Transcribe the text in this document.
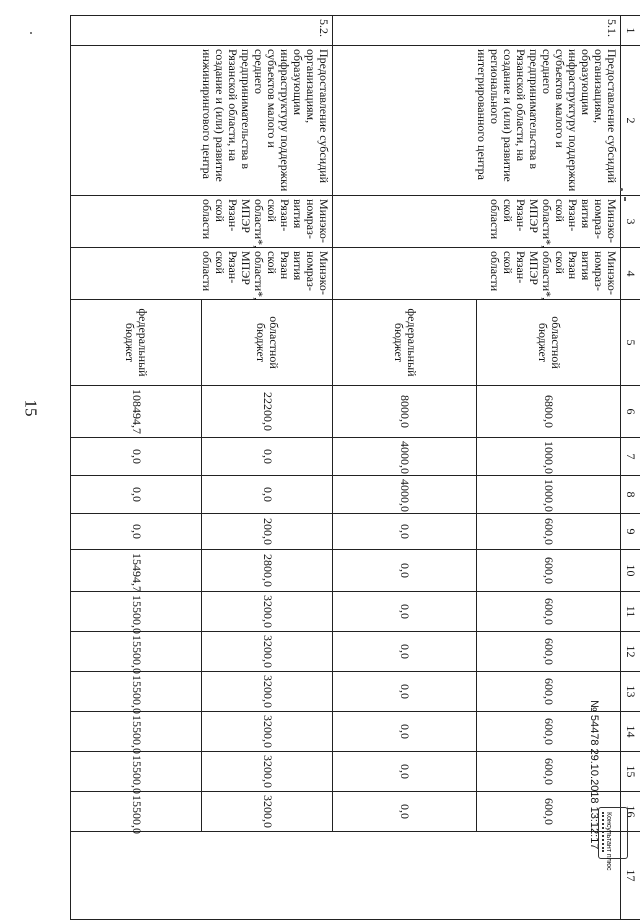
15
1	2	3	4	5	6	7	8	9	10	11	12	13	14	15	16	17
5.1.	Предоставление субсидий организациям, образующим инфраструктуру поддержки субъектов малого и среднего предпринимательства в Рязанской области, на создание и (или) развитие регионального интегрированного центра	Минэко-номраз-вития Рязан-ской области*, МПЭР Рязан-ской области	Минэко-номраз-вития Рязан ской области*, МПЭР Рязан-ской области	областной бюджет	6800,0	1000,0	1000,0	600,0	600,0	600,0	600,0	600,0	600,0	600,0	600,0	
				федеральный бюджет	8000,0	4000,0	4000,0	0,0	0,0	0,0	0,0	0,0	0,0	0,0	0,0	
5.2.	Предоставление субсидий организациям, образующим инфраструктуру поддержки субъектов малого и среднего предпринимательства в Рязанской области, на создание и (или) развитие инжинирингового центра	Минэко-номраз-вития Рязан-ской области*, МПЭР Рязан-ской области	Минэко-номраз-вития Рязан ской области*, МПЭР Рязан-ской области	областной бюджет	22200,0	0,0	0,0	200,0	2800,0	3200,0	3200,0	3200,0	3200,0	3200,0	3200,0	
				федеральный бюджет	108494,7	0,0	0,0	0,0	15494,7	15500,0	15500,0	15500,0	15500,0	15500,0	15500,0		№ 54478 29.10.2018 13:12:17 Консультант плюс
